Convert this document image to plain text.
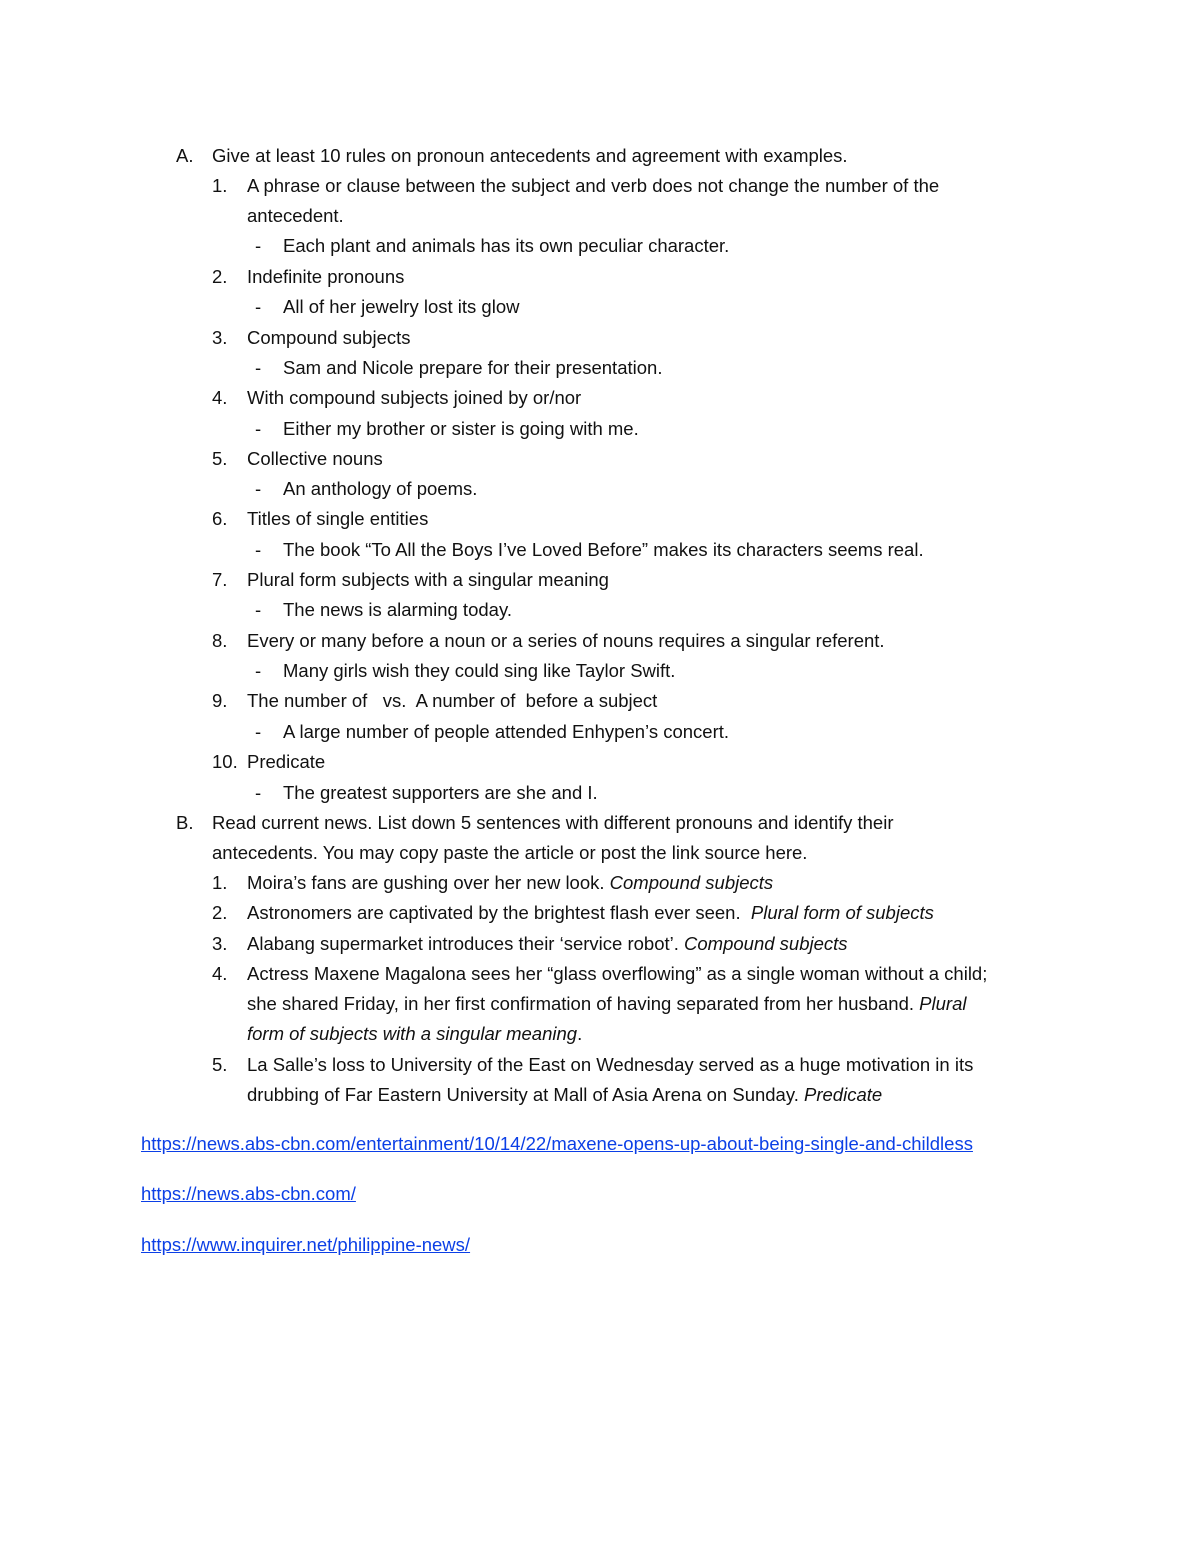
A. Give at least 10 rules on pronoun antecedents and agreement with examples.
1. A phrase or clause between the subject and verb does not change the number of the
antecedent.
- Each plant and animals has its own peculiar character.
2. Indefinite pronouns
- All of her jewelry lost its glow
3. Compound subjects
- Sam and Nicole prepare for their presentation.
4. With compound subjects joined by or/nor
- Either my brother or sister is going with me.
5. Collective nouns
- An anthology of poems.
6. Titles of single entities
- The book “To All the Boys I’ve Loved Before” makes its characters seems real.
7. Plural form subjects with a singular meaning
- The news is alarming today.
8. Every or many before a noun or a series of nouns requires a singular referent.
- Many girls wish they could sing like Taylor Swift.
9. The number of   vs.  A number of  before a subject
- A large number of people attended Enhypen’s concert.
10. Predicate
- The greatest supporters are she and I.
B. Read current news. List down 5 sentences with different pronouns and identify their
antecedents. You may copy paste the article or post the link source here.
1. Moira’s fans are gushing over her new look. Compound subjects
2. Astronomers are captivated by the brightest flash ever seen.  Plural form of subjects
3. Alabang supermarket introduces their ‘service robot’. Compound subjects
4. Actress Maxene Magalona sees her “glass overflowing” as a single woman without a child;
she shared Friday, in her first confirmation of having separated from her husband. Plural
form of subjects with a singular meaning.
5. La Salle’s loss to University of the East on Wednesday served as a huge motivation in its
drubbing of Far Eastern University at Mall of Asia Arena on Sunday. Predicate
https://news.abs-cbn.com/entertainment/10/14/22/maxene-opens-up-about-being-single-and-childless
https://news.abs-cbn.com/
https://www.inquirer.net/philippine-news/
